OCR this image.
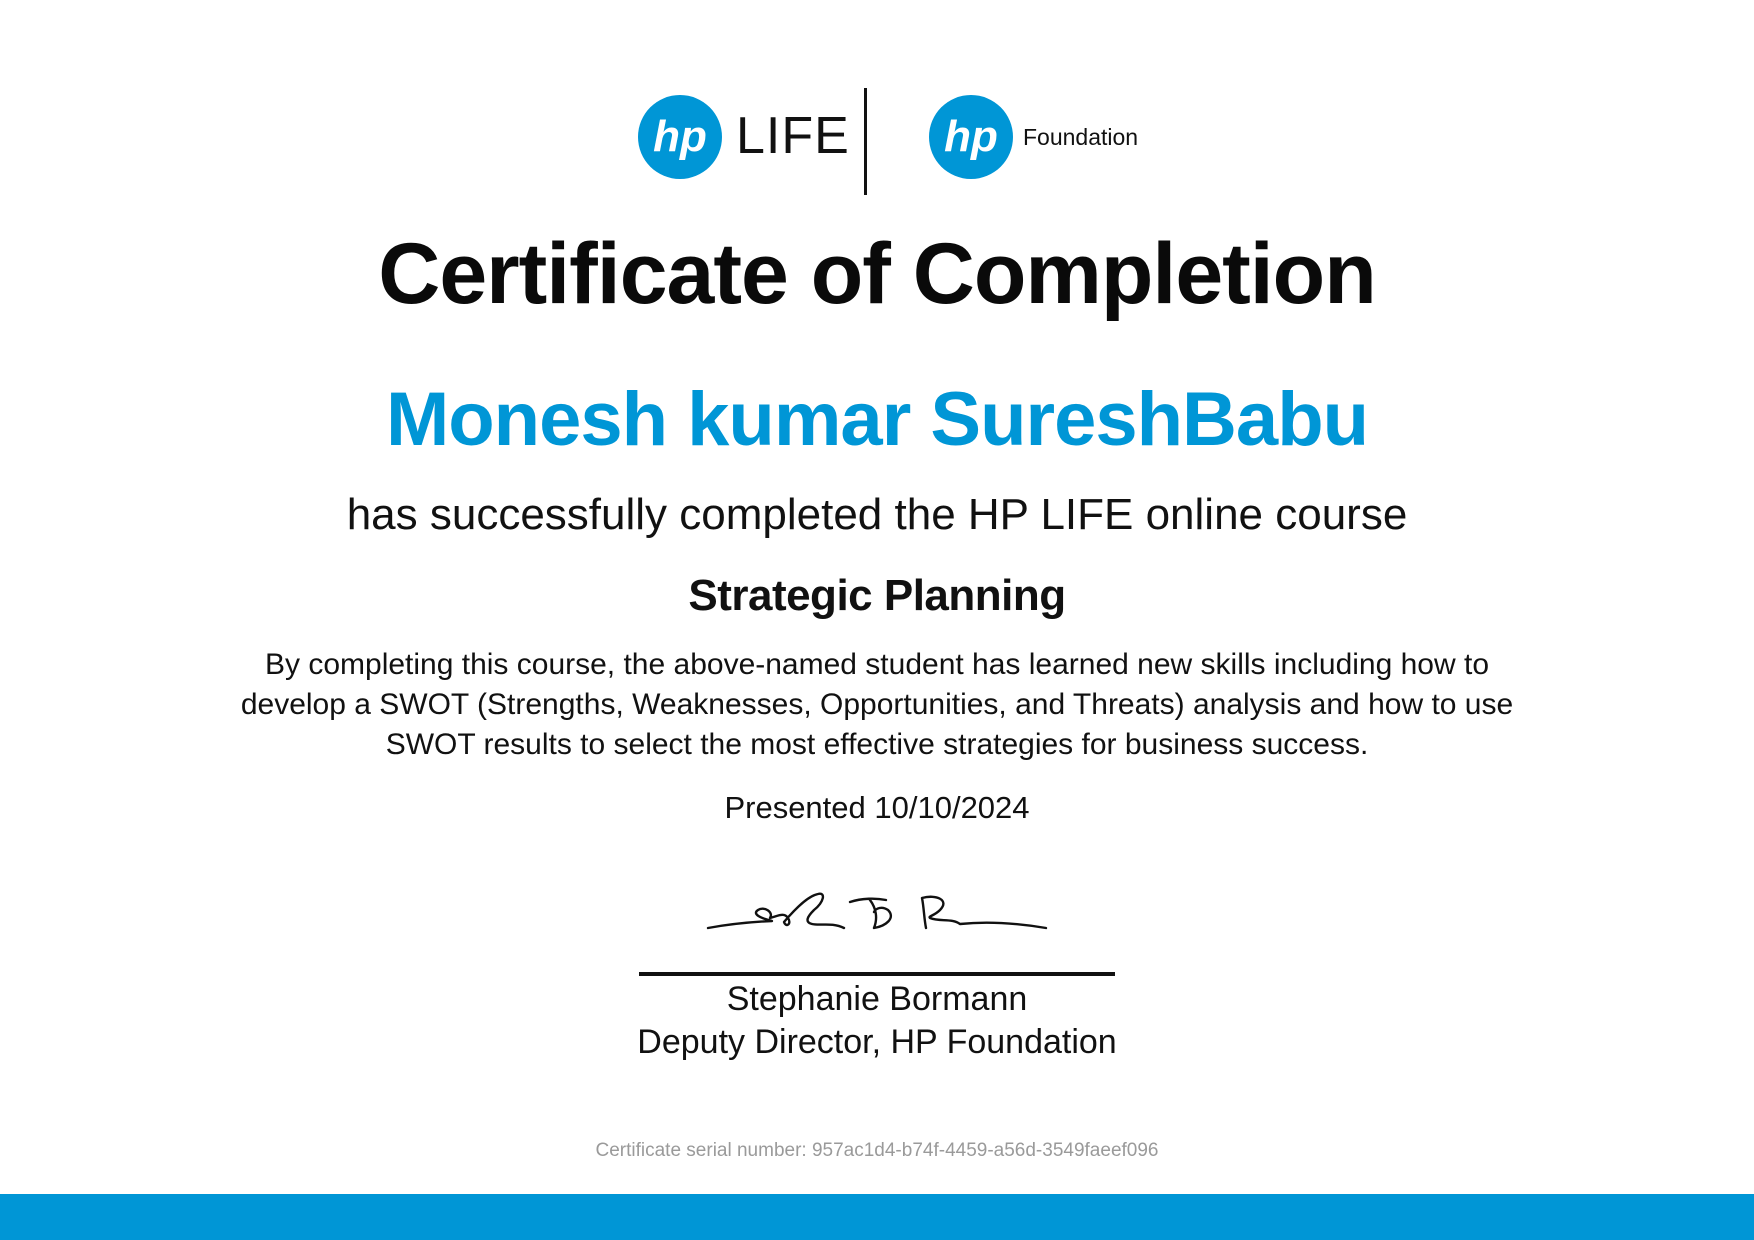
hp LIFE hp Foundation
Certificate of Completion
Monesh kumar SureshBabu
has successfully completed the HP LIFE online course
Strategic Planning
By completing this course, the above-named student has learned new skills including how to develop a SWOT (Strengths, Weaknesses, Opportunities, and Threats) analysis and how to use SWOT results to select the most effective strategies for business success.
Presented 10/10/2024
Stephanie Bormann
Deputy Director, HP Foundation
Certificate serial number: 957ac1d4-b74f-4459-a56d-3549faeef096
